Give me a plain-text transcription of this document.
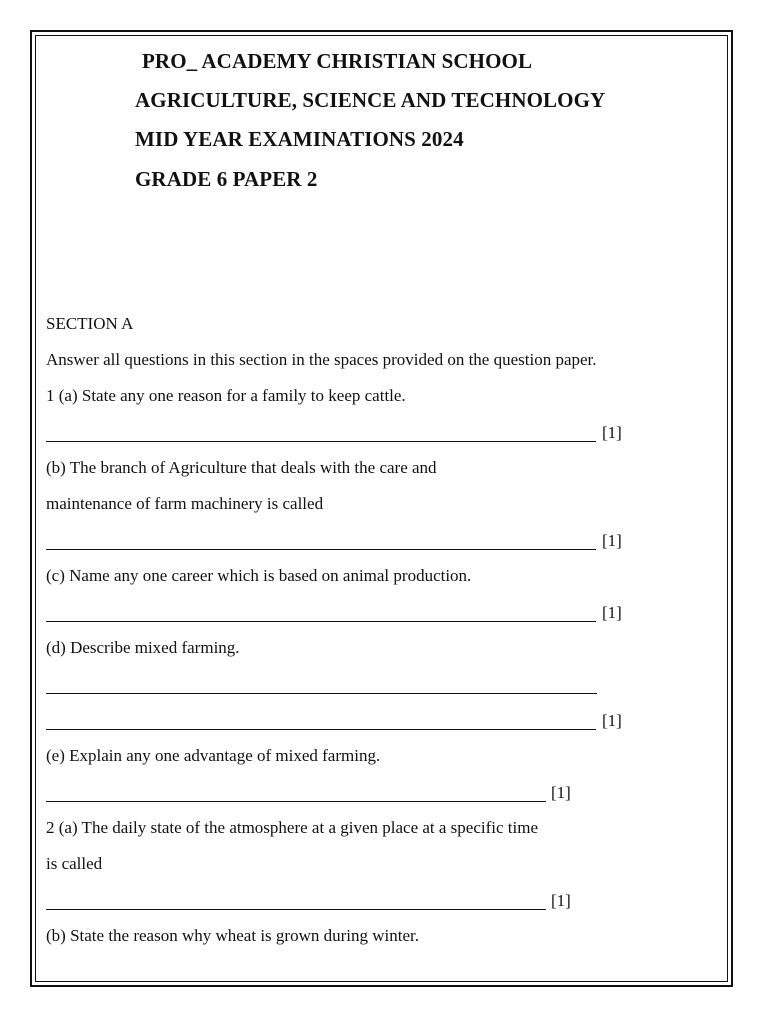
PRO_ ACADEMY CHRISTIAN SCHOOL
AGRICULTURE, SCIENCE AND TECHNOLOGY
MID YEAR EXAMINATIONS 2024
GRADE 6 PAPER 2
SECTION A
Answer all questions in this section in the spaces provided on the question paper.
1 (a) State any one reason for a family to keep cattle.
[1]
(b) The branch of Agriculture that deals with the care and
maintenance of farm machinery is called
[1]
(c) Name any one career which is based on animal production.
[1]
(d) Describe mixed farming.
[1]
(e) Explain any one advantage of mixed farming.
[1]
2 (a) The daily state of the atmosphere at a given place at a specific time
is called
[1]
(b) State the reason why wheat is grown during winter.
